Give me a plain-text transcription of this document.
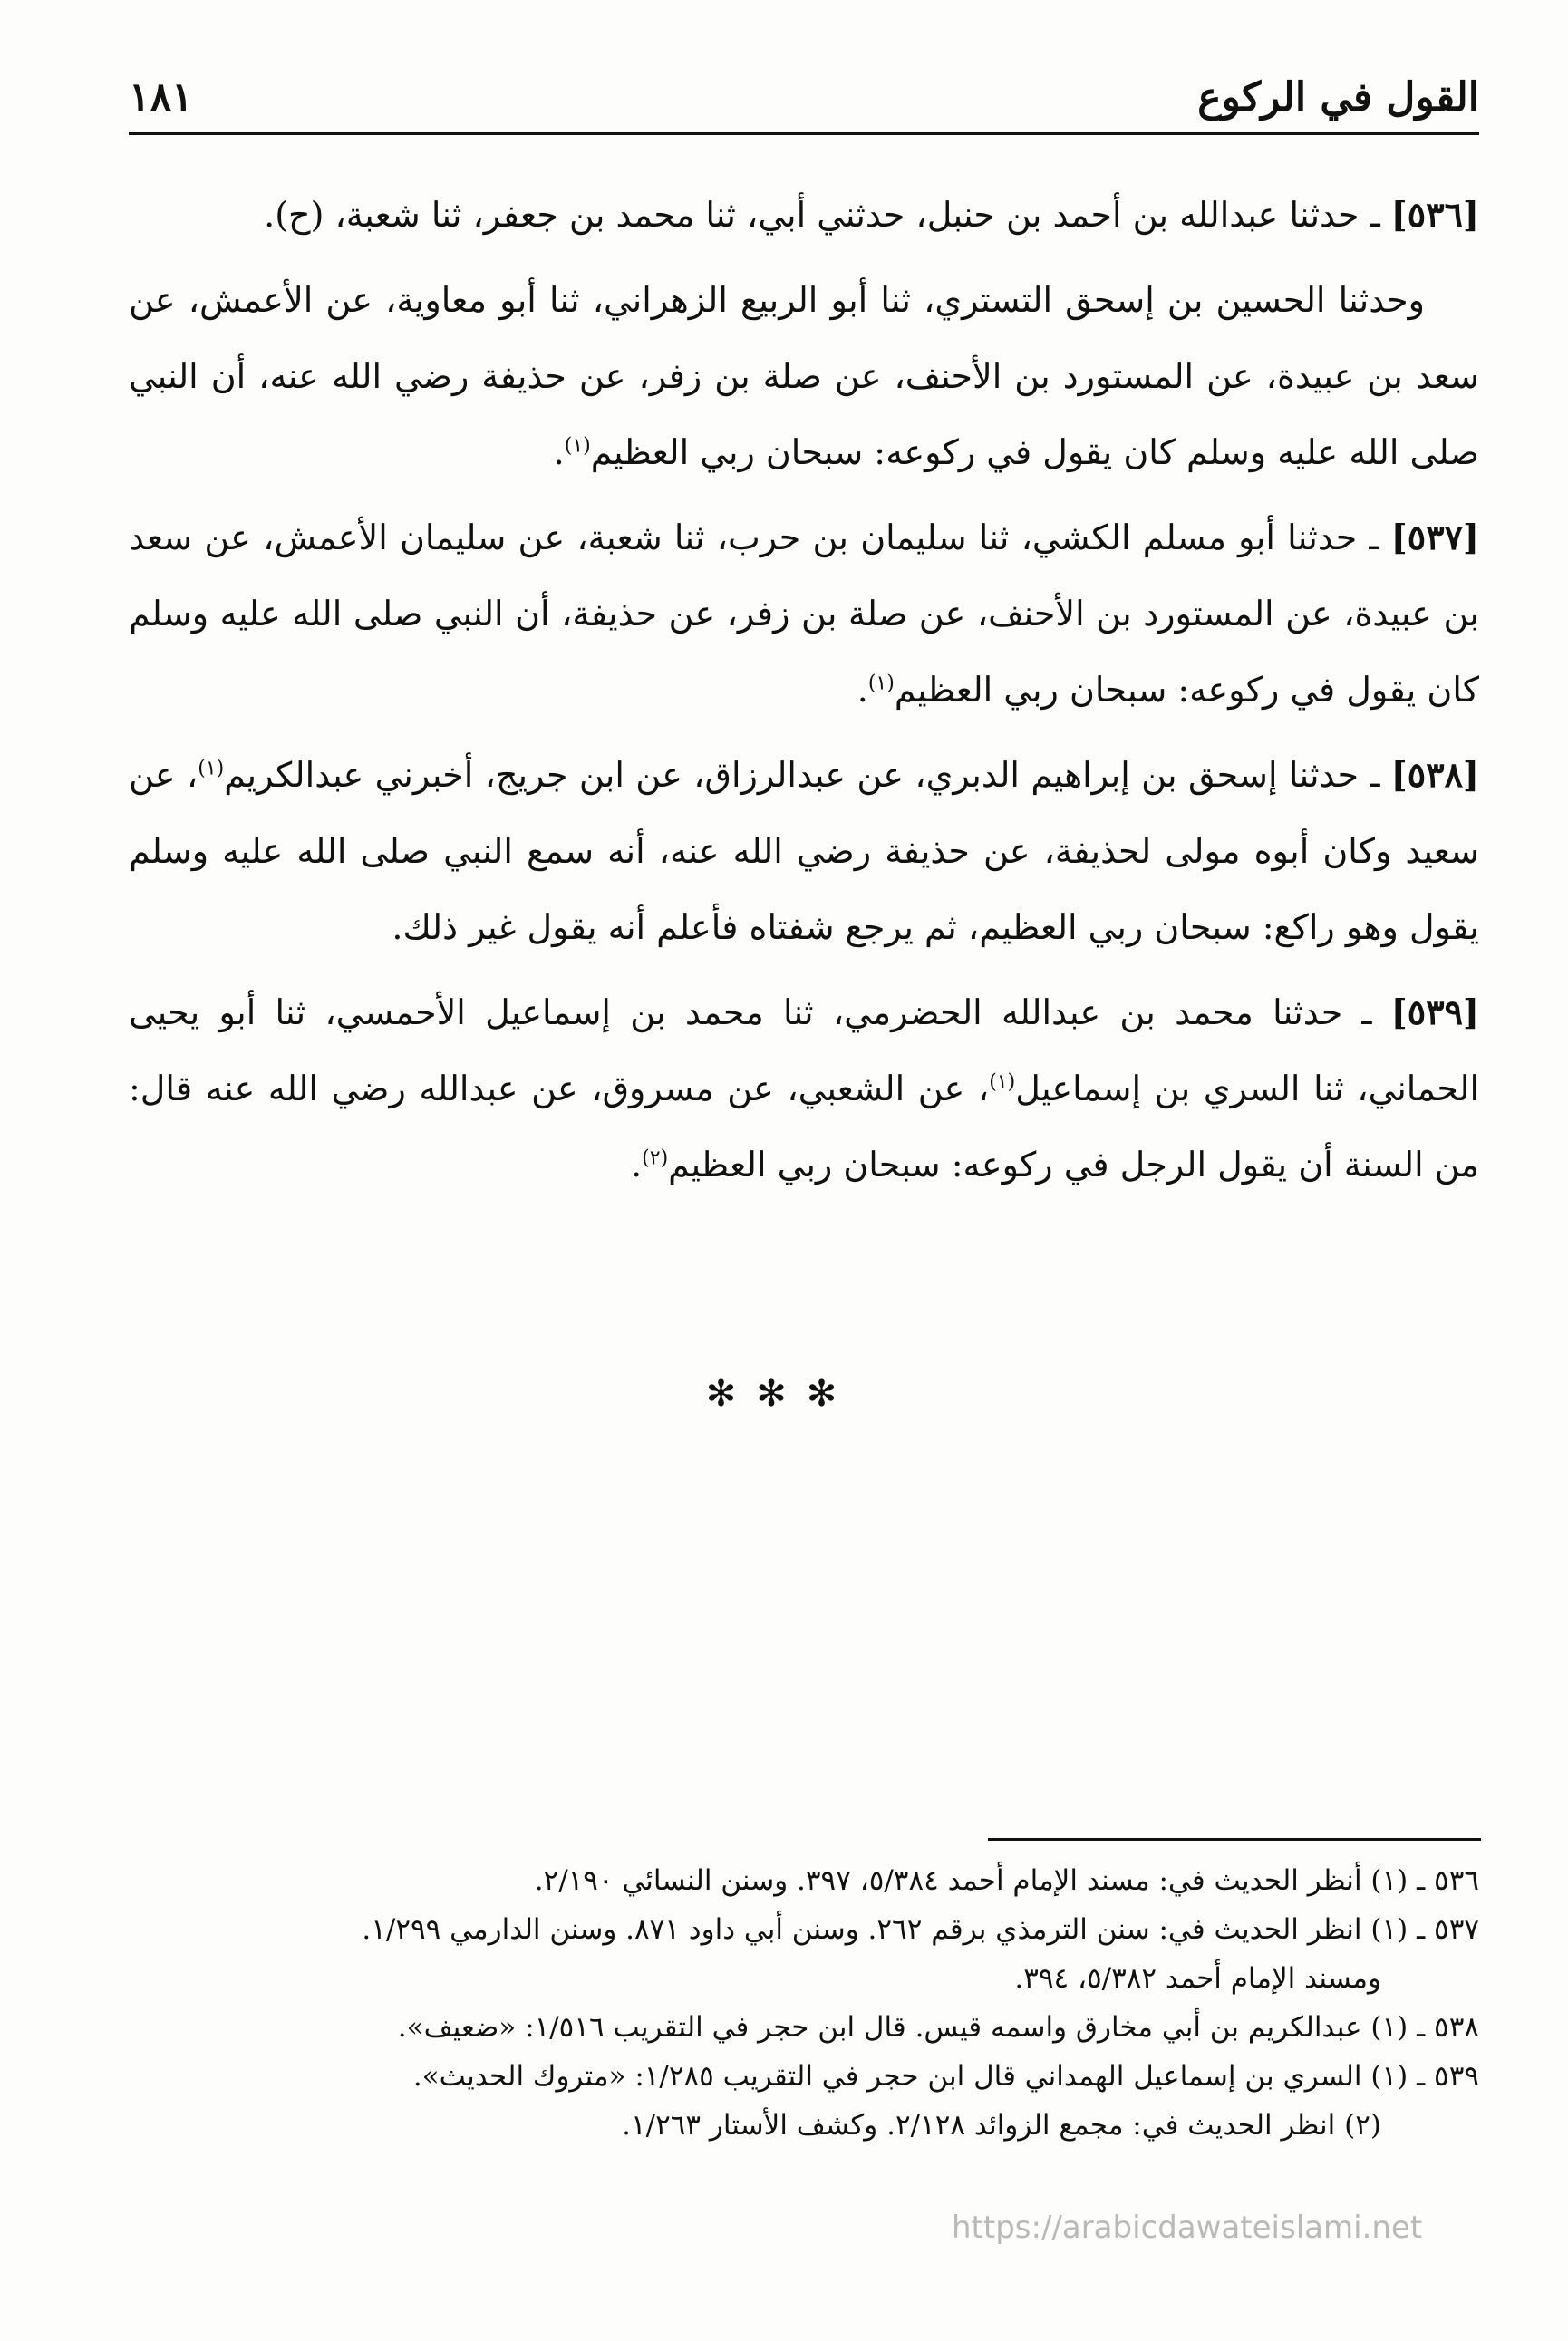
القول في الركوع
١٨١

[٥٣٦] ـ حدثنا عبدالله بن أحمد بن حنبل، حدثني أبي، ثنا محمد بن جعفر، ثنا شعبة، (ح).

وحدثنا الحسين بن إسحق التستري، ثنا أبو الربيع الزهراني، ثنا أبو معاوية، عن الأعمش، عن سعد بن عبيدة، عن المستورد بن الأحنف، عن صلة بن زفر، عن حذيفة رضي الله عنه، أن النبي صلى الله عليه وسلم كان يقول في ركوعه: سبحان ربي العظيم$^{(١)}$.

[٥٣٧] ـ حدثنا أبو مسلم الكشي، ثنا سليمان بن حرب، ثنا شعبة، عن سليمان الأعمش، عن سعد بن عبيدة، عن المستورد بن الأحنف، عن صلة بن زفر، عن حذيفة، أن النبي صلى الله عليه وسلم كان يقول في ركوعه: سبحان ربي العظيم$^{(١)}$.

[٥٣٨] ـ حدثنا إسحق بن إبراهيم الدبري، عن عبدالرزاق، عن ابن جريج، أخبرني عبدالكريم$^{(١)}$، عن سعيد وكان أبوه مولى لحذيفة، عن حذيفة رضي الله عنه، أنه سمع النبي صلى الله عليه وسلم يقول وهو راكع: سبحان ربي العظيم، ثم يرجع شفتاه فأعلم أنه يقول غير ذلك.

[٥٣٩] ـ حدثنا محمد بن عبدالله الحضرمي، ثنا محمد بن إسماعيل الأحمسي، ثنا أبو يحيى الحماني، ثنا السري بن إسماعيل$^{(١)}$، عن الشعبي، عن مسروق، عن عبدالله رضي الله عنه قال: من السنة أن يقول الرجل في ركوعه: سبحان ربي العظيم$^{(٢)}$.

✻✻✻

٥٣٦ ـ (١) أنظر الحديث في: مسند الإمام أحمد ٥/٣٨٤، ٣٩٧. وسنن النسائي ٢/١٩٠.

٥٣٧ ـ (١) انظر الحديث في: سنن الترمذي برقم ٢٦٢. وسنن أبي داود ٨٧١. وسنن الدارمي ١/٢٩٩.

ومسند الإمام أحمد ٥/٣٨٢، ٣٩٤.

٥٣٨ ـ (١) عبدالكريم بن أبي مخارق واسمه قيس. قال ابن حجر في التقريب ١/٥١٦: «ضعيف».

٥٣٩ ـ (١) السري بن إسماعيل الهمداني قال ابن حجر في التقريب ١/٢٨٥: «متروك الحديث».

(٢) انظر الحديث في: مجمع الزوائد ٢/١٢٨. وكشف الأستار ١/٢٦٣.

https://arabicdawateislami.net
